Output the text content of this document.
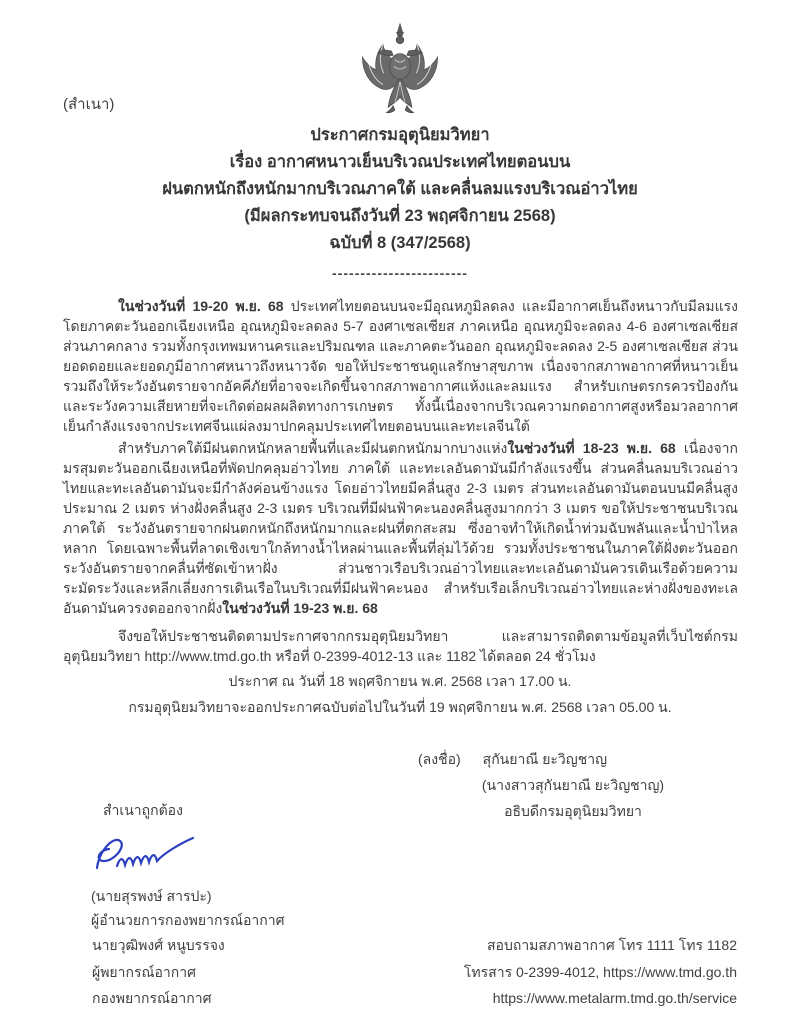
(สำเนา)
ประกาศกรมอุตุนิยมวิทยา
เรื่อง อากาศหนาวเย็นบริเวณประเทศไทยตอนบน
ฝนตกหนักถึงหนักมากบริเวณภาคใต้ และคลื่นลมแรงบริเวณอ่าวไทย
(มีผลกระทบจนถึงวันที่ 23 พฤศจิกายน 2568)
ฉบับที่ 8 (347/2568)
------------------------

ในช่วงวันที่ 19-20 พ.ย. 68 ประเทศไทยตอนบนจะมีอุณหภูมิลดลง และมีอากาศเย็นถึงหนาวกับมีลมแรง โดยภาคตะวันออกเฉียงเหนือ อุณหภูมิจะลดลง 5-7 องศาเซลเซียส ภาคเหนือ อุณหภูมิจะลดลง 4-6 องศาเซลเซียส ส่วนภาคกลาง รวมทั้งกรุงเทพมหานครและปริมณฑล และภาคตะวันออก อุณหภูมิจะลดลง 2-5 องศาเซลเซียส ส่วนยอดดอยและยอดภูมีอากาศหนาวถึงหนาวจัด ขอให้ประชาชนดูแลรักษาสุขภาพ เนื่องจากสภาพอากาศที่หนาวเย็น รวมถึงให้ระวังอันตรายจากอัคคีภัยที่อาจจะเกิดขึ้นจากสภาพอากาศแห้งและลมแรง สำหรับเกษตรกรควรป้องกันและระวังความเสียหายที่จะเกิดต่อผลผลิตทางการเกษตร ทั้งนี้เนื่องจากบริเวณความกดอากาศสูงหรือมวลอากาศเย็นกำลังแรงจากประเทศจีนแผ่ลงมาปกคลุมประเทศไทยตอนบนและทะเลจีนใต้

สำหรับภาคใต้มีฝนตกหนักหลายพื้นที่และมีฝนตกหนักมากบางแห่งในช่วงวันที่ 18-23 พ.ย. 68 เนื่องจากมรสุมตะวันออกเฉียงเหนือที่พัดปกคลุมอ่าวไทย ภาคใต้ และทะเลอันดามันมีกำลังแรงขึ้น ส่วนคลื่นลมบริเวณอ่าวไทยและทะเลอันดามันจะมีกำลังค่อนข้างแรง โดยอ่าวไทยมีคลื่นสูง 2-3 เมตร ส่วนทะเลอันดามันตอนบนมีคลื่นสูงประมาณ 2 เมตร ห่างฝั่งคลื่นสูง 2-3 เมตร บริเวณที่มีฝนฟ้าคะนองคลื่นสูงมากกว่า 3 เมตร ขอให้ประชาชนบริเวณภาคใต้ ระวังอันตรายจากฝนตกหนักถึงหนักมากและฝนที่ตกสะสม ซึ่งอาจทำให้เกิดน้ำท่วมฉับพลันและน้ำป่าไหลหลาก โดยเฉพาะพื้นที่ลาดเชิงเขาใกล้ทางน้ำไหลผ่านและพื้นที่ลุ่มไว้ด้วย รวมทั้งประชาชนในภาคใต้ฝั่งตะวันออกระวังอันตรายจากคลื่นที่ซัดเข้าหาฝั่ง ส่วนชาวเรือบริเวณอ่าวไทยและทะเลอันดามันควรเดินเรือด้วยความระมัดระวังและหลีกเลี่ยงการเดินเรือในบริเวณที่มีฝนฟ้าคะนอง สำหรับเรือเล็กบริเวณอ่าวไทยและห่างฝั่งของทะเลอันดามันควรงดออกจากฝั่งในช่วงวันที่ 19-23 พ.ย. 68

จึงขอให้ประชาชนติดตามประกาศจากกรมอุตุนิยมวิทยา และสามารถติดตามข้อมูลที่เว็บไซต์กรมอุตุนิยมวิทยา http://www.tmd.go.th หรือที่ 0-2399-4012-13 และ 1182 ได้ตลอด 24 ชั่วโมง

ประกาศ ณ วันที่ 18 พฤศจิกายน พ.ศ. 2568 เวลา 17.00 น.
กรมอุตุนิยมวิทยาจะออกประกาศฉบับต่อไปในวันที่ 19 พฤศจิกายน พ.ศ. 2568 เวลา 05.00 น.
(ลงชื่อ) สุกันยาณี ยะวิญชาญ
(นางสาวสุกันยาณี ยะวิญชาญ)
อธิบดีกรมอุตุนิยมวิทยา
สำเนาถูกต้อง
(นายสุรพงษ์ สารปะ)
ผู้อำนวยการกองพยากรณ์อากาศ
นายวุฒิพงศ์ หนูบรรจง
ผู้พยากรณ์อากาศ
กองพยากรณ์อากาศ
สอบถามสภาพอากาศ โทร 1111 โทร 1182
โทรสาร 0-2399-4012, https://www.tmd.go.th
https://www.metalarm.tmd.go.th/service
